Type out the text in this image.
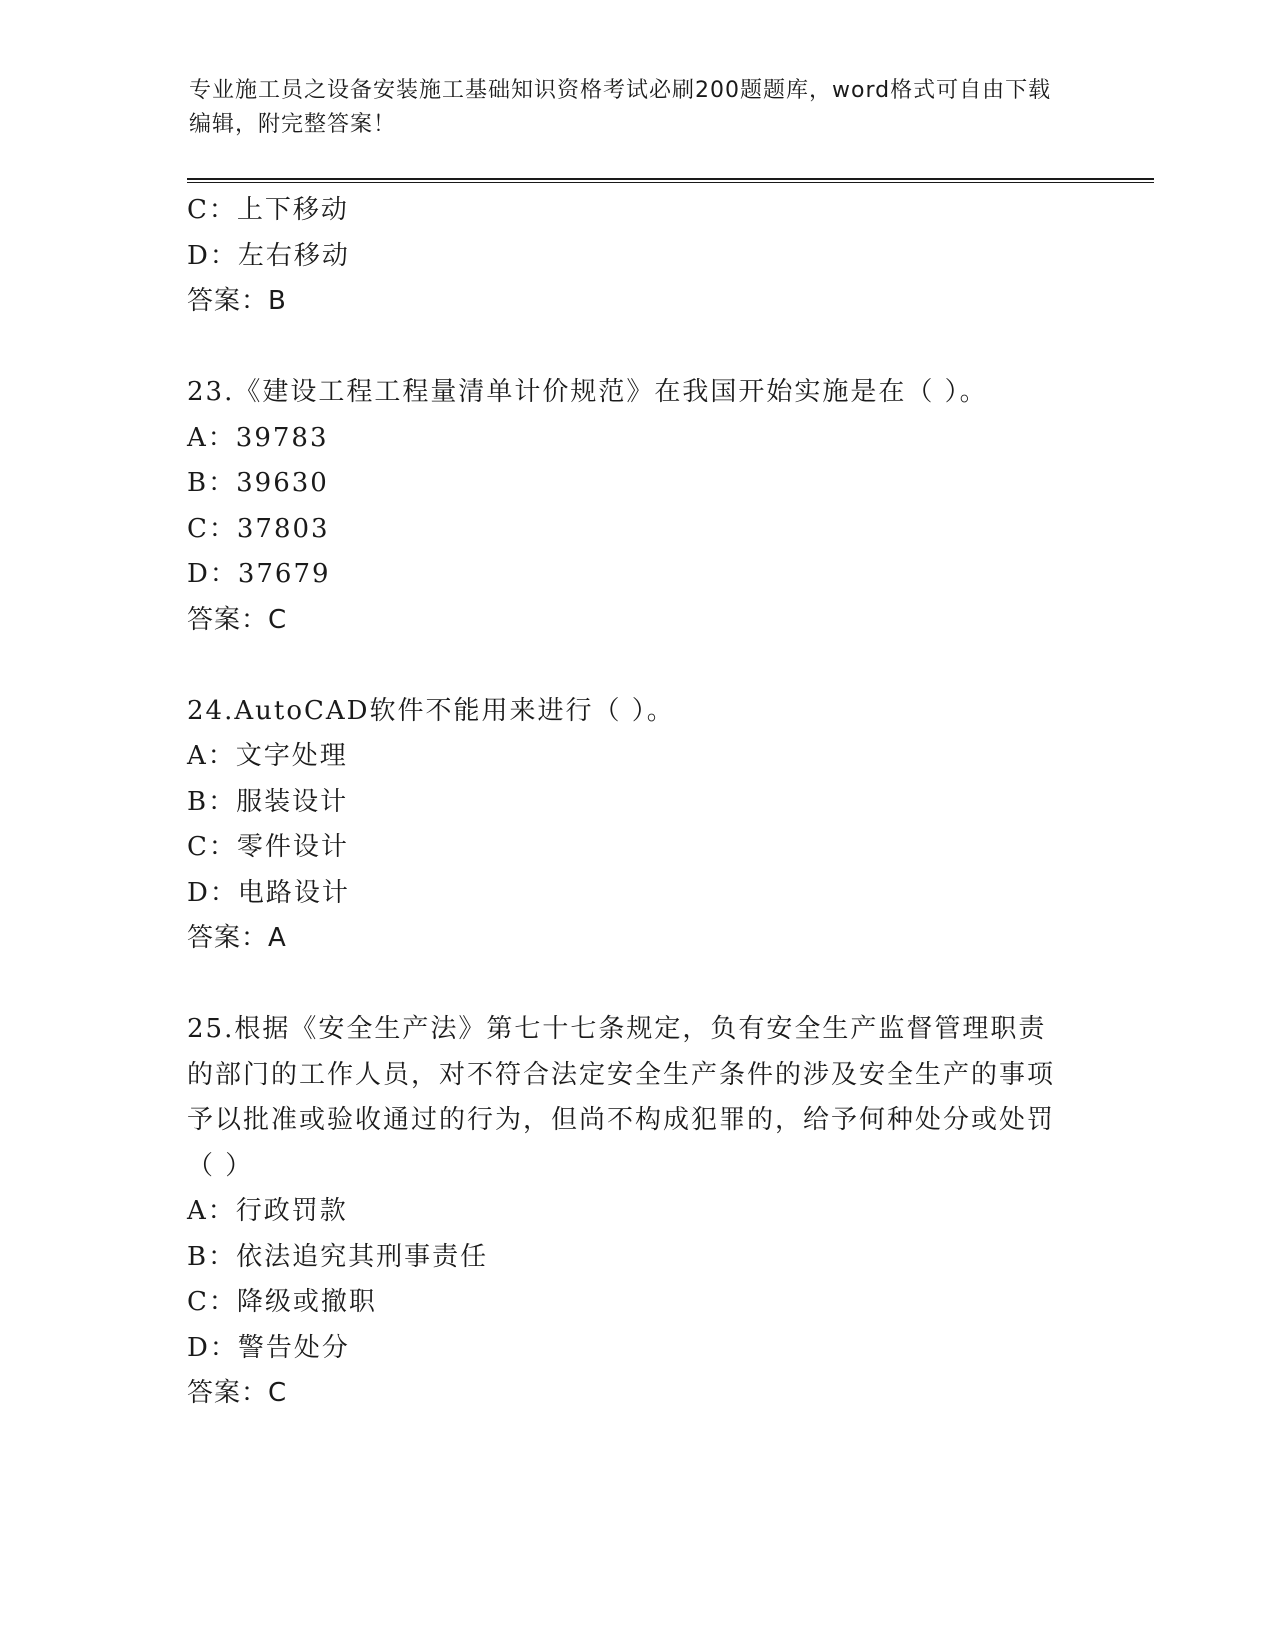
专业施工员之设备安装施工基础知识资格考试必刷200题题库，word格式可自由下载编辑，附完整答案！
C：上下移动
D：左右移动
答案：B
23.《建设工程工程量清单计价规范》在我国开始实施是在（ ）。
A：39783
B：39630
C：37803
D：37679
答案：C
24.AutoCAD软件不能用来进行（ ）。
A：文字处理
B：服装设计
C：零件设计
D：电路设计
答案：A
25.根据《安全生产法》第七十七条规定，负有安全生产监督管理职责的部门的工作人员，对不符合法定安全生产条件的涉及安全生产的事项予以批准或验收通过的行为，但尚不构成犯罪的，给予何种处分或处罚（ ）
A：行政罚款
B：依法追究其刑事责任
C：降级或撤职
D：警告处分
答案：C
